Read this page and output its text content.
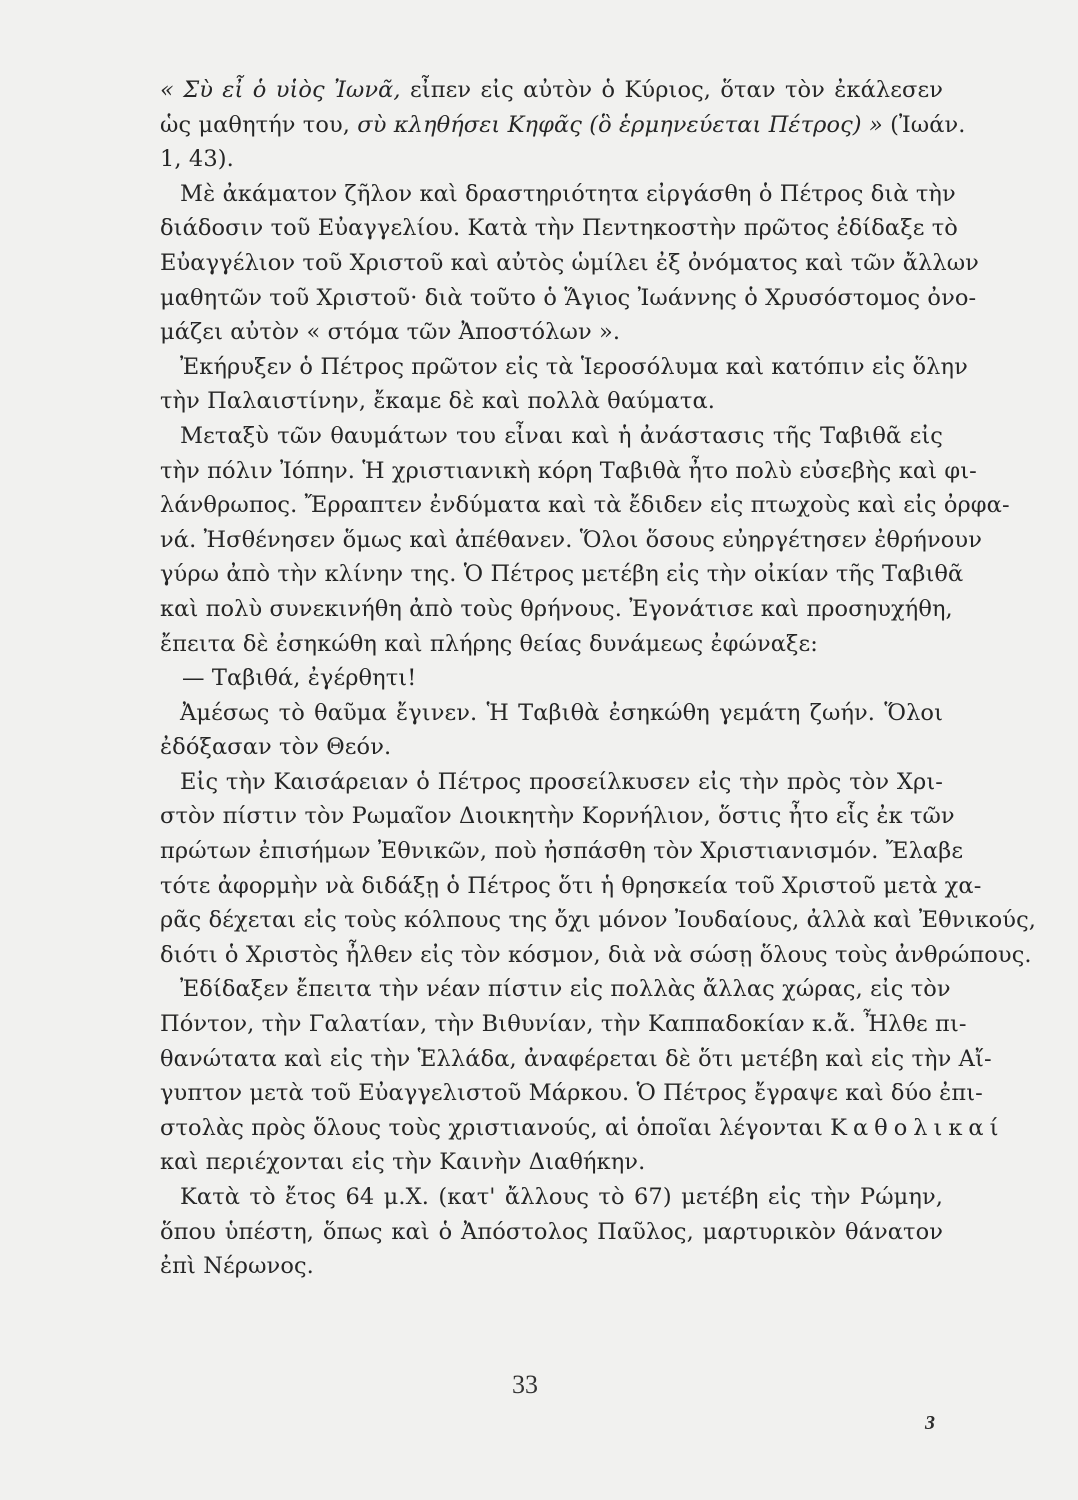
« Σὺ εἶ ὁ υἱὸς Ἰωνᾶ, εἶπεν εἰς αὐτὸν ὁ Κύριος, ὅταν τὸν ἐκάλεσεν
ὡς μαθητήν του, σὺ κληθήσει Κηφᾶς (ὃ ἑρμηνεύεται Πέτρος) » (Ἰωάν.
1, 43).
Μὲ ἀκάματον ζῆλον καὶ δραστηριότητα εἰργάσθη ὁ Πέτρος διὰ τὴν
διάδοσιν τοῦ Εὐαγγελίου. Κατὰ τὴν Πεντηκοστὴν πρῶτος ἐδίδαξε τὸ
Εὐαγγέλιον τοῦ Χριστοῦ καὶ αὐτὸς ὡμίλει ἐξ ὀνόματος καὶ τῶν ἄλλων
μαθητῶν τοῦ Χριστοῦ· διὰ τοῦτο ὁ Ἅγιος Ἰωάννης ὁ Χρυσόστομος ὀνο-
μάζει αὐτὸν « στόμα τῶν Ἀποστόλων ».
Ἐκήρυξεν ὁ Πέτρος πρῶτον εἰς τὰ Ἱεροσόλυμα καὶ κατόπιν εἰς ὅλην
τὴν Παλαιστίνην, ἔκαμε δὲ καὶ πολλὰ θαύματα.
Μεταξὺ τῶν θαυμάτων του εἶναι καὶ ἡ ἀνάστασις τῆς Ταβιθᾶ εἰς
τὴν πόλιν Ἰόπην. Ἡ χριστιανικὴ κόρη Ταβιθὰ ἦτο πολὺ εὐσεβὴς καὶ φι-
λάνθρωπος. Ἔρραπτεν ἐνδύματα καὶ τὰ ἔδιδεν εἰς πτωχοὺς καὶ εἰς ὀρφα-
νά. Ἠσθένησεν ὅμως καὶ ἀπέθανεν. Ὅλοι ὅσους εὐηργέτησεν ἐθρήνουν
γύρω ἀπὸ τὴν κλίνην της. Ὁ Πέτρος μετέβη εἰς τὴν οἰκίαν τῆς Ταβιθᾶ
καὶ πολὺ συνεκινήθη ἀπὸ τοὺς θρήνους. Ἐγονάτισε καὶ προσηυχήθη,
ἔπειτα δὲ ἐσηκώθη καὶ πλήρης θείας δυνάμεως ἐφώναξε:
— Ταβιθά, ἐγέρθητι!
Ἀμέσως τὸ θαῦμα ἔγινεν. Ἡ Ταβιθὰ ἐσηκώθη γεμάτη ζωήν. Ὅλοι
ἐδόξασαν τὸν Θεόν.
Εἰς τὴν Καισάρειαν ὁ Πέτρος προσείλκυσεν εἰς τὴν πρὸς τὸν Χρι-
στὸν πίστιν τὸν Ρωμαῖον Διοικητὴν Κορνήλιον, ὅστις ἦτο εἷς ἐκ τῶν
πρώτων ἐπισήμων Ἐθνικῶν, ποὺ ἠσπάσθη τὸν Χριστιανισμόν. Ἔλαβε
τότε ἀφορμὴν νὰ διδάξῃ ὁ Πέτρος ὅτι ἡ θρησκεία τοῦ Χριστοῦ μετὰ χα-
ρᾶς δέχεται εἰς τοὺς κόλπους της ὄχι μόνον Ἰουδαίους, ἀλλὰ καὶ Ἐθνικούς,
διότι ὁ Χριστὸς ἦλθεν εἰς τὸν κόσμον, διὰ νὰ σώσῃ ὅλους τοὺς ἀνθρώπους.
Ἐδίδαξεν ἔπειτα τὴν νέαν πίστιν εἰς πολλὰς ἄλλας χώρας, εἰς τὸν
Πόντον, τὴν Γαλατίαν, τὴν Βιθυνίαν, τὴν Καππαδοκίαν κ.ἄ. Ἦλθε πι-
θανώτατα καὶ εἰς τὴν Ἑλλάδα, ἀναφέρεται δὲ ὅτι μετέβη καὶ εἰς τὴν Αἴ-
γυπτον μετὰ τοῦ Εὐαγγελιστοῦ Μάρκου. Ὁ Πέτρος ἔγραψε καὶ δύο ἐπι-
στολὰς πρὸς ὅλους τοὺς χριστιανούς, αἱ ὁποῖαι λέγονται Καθολικαί
καὶ περιέχονται εἰς τὴν Καινὴν Διαθήκην.
Κατὰ τὸ ἔτος 64 μ.Χ. (κατ' ἄλλους τὸ 67) μετέβη εἰς τὴν Ρώμην,
ὅπου ὑπέστη, ὅπως καὶ ὁ Ἀπόστολος Παῦλος, μαρτυρικὸν θάνατον
ἐπὶ Νέρωνος.
33
3
